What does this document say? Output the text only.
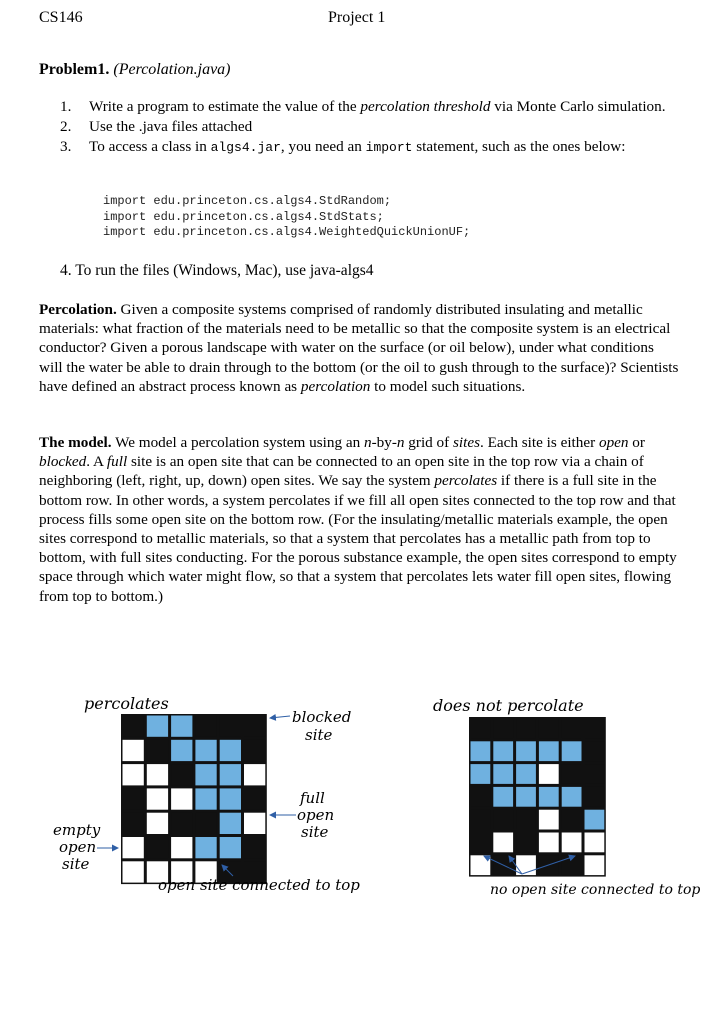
CS146	Project 1
Problem1. (Percolation.java)
1. Write a program to estimate the value of the percolation threshold via Monte Carlo simulation.
2. Use the .java files attached
3. To access a class in algs4.jar, you need an import statement, such as the ones below:
import edu.princeton.cs.algs4.StdRandom;
import edu.princeton.cs.algs4.StdStats;
import edu.princeton.cs.algs4.WeightedQuickUnionUF;
4. To run the files (Windows, Mac), use java-algs4
Percolation. Given a composite systems comprised of randomly distributed insulating and metallic materials: what fraction of the materials need to be metallic so that the composite system is an electrical conductor? Given a porous landscape with water on the surface (or oil below), under what conditions will the water be able to drain through to the bottom (or the oil to gush through to the surface)? Scientists have defined an abstract process known as percolation to model such situations.
The model. We model a percolation system using an n-by-n grid of sites. Each site is either open or blocked. A full site is an open site that can be connected to an open site in the top row via a chain of neighboring (left, right, up, down) open sites. We say the system percolates if there is a full site in the bottom row. In other words, a system percolates if we fill all open sites connected to the top row and that process fills some open site on the bottom row. (For the insulating/metallic materials example, the open sites correspond to metallic materials, so that a system that percolates has a metallic path from top to bottom, with full sites conducting. For the porous substance example, the open sites correspond to empty space through which water might flow, so that a system that percolates lets water fill open sites, flowing from top to bottom.)
percolates
blocked
site
full
open
site
empty
open
site
open site connected to top
does not percolate
no open site connected to top
